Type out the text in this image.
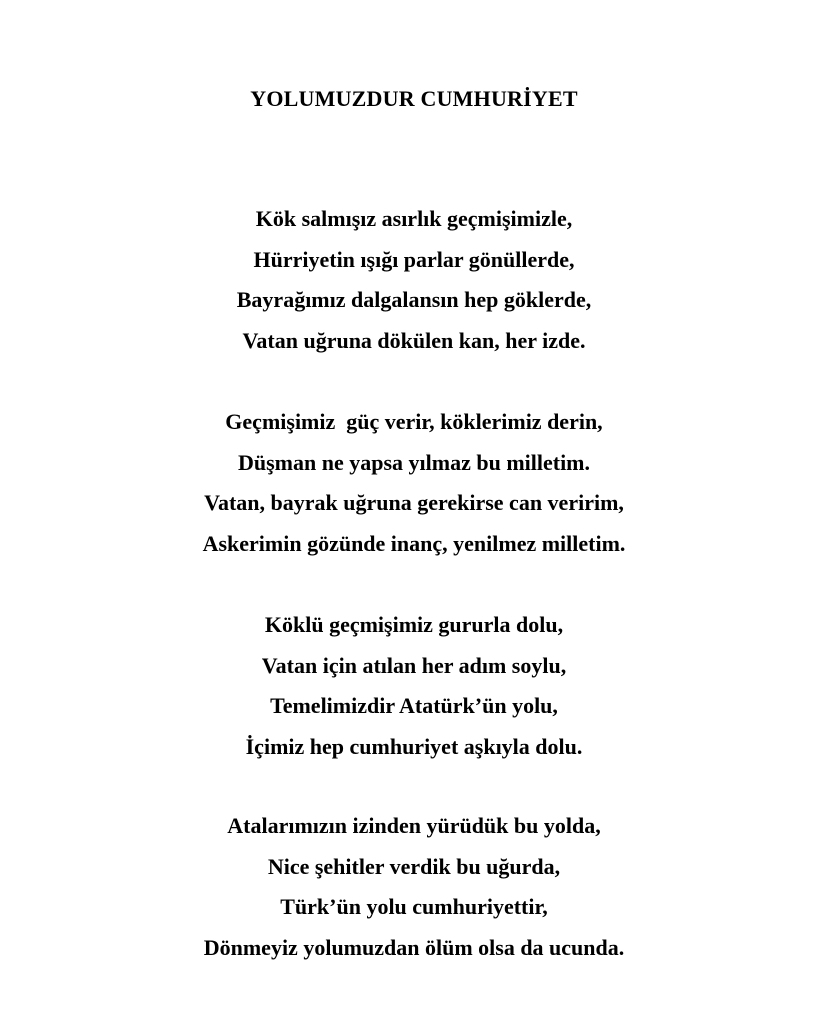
YOLUMUZDUR CUMHURİYET
Kök salmışız asırlık geçmişimizle,
Hürriyetin ışığı parlar gönüllerde,
Bayrağımız dalgalansın hep göklerde,
Vatan uğruna dökülen kan, her izde.
Geçmişimiz  güç verir, köklerimiz derin,
Düşman ne yapsa yılmaz bu milletim.
Vatan, bayrak uğruna gerekirse can veririm,
Askerimin gözünde inanç, yenilmez milletim.
Köklü geçmişimiz gururla dolu,
Vatan için atılan her adım soylu,
Temelimizdir Atatürk’ün yolu,
İçimiz hep cumhuriyet aşkıyla dolu.
Atalarımızın izinden yürüdük bu yolda,
Nice şehitler verdik bu uğurda,
Türk’ün yolu cumhuriyettir,
Dönmeyiz yolumuzdan ölüm olsa da ucunda.
